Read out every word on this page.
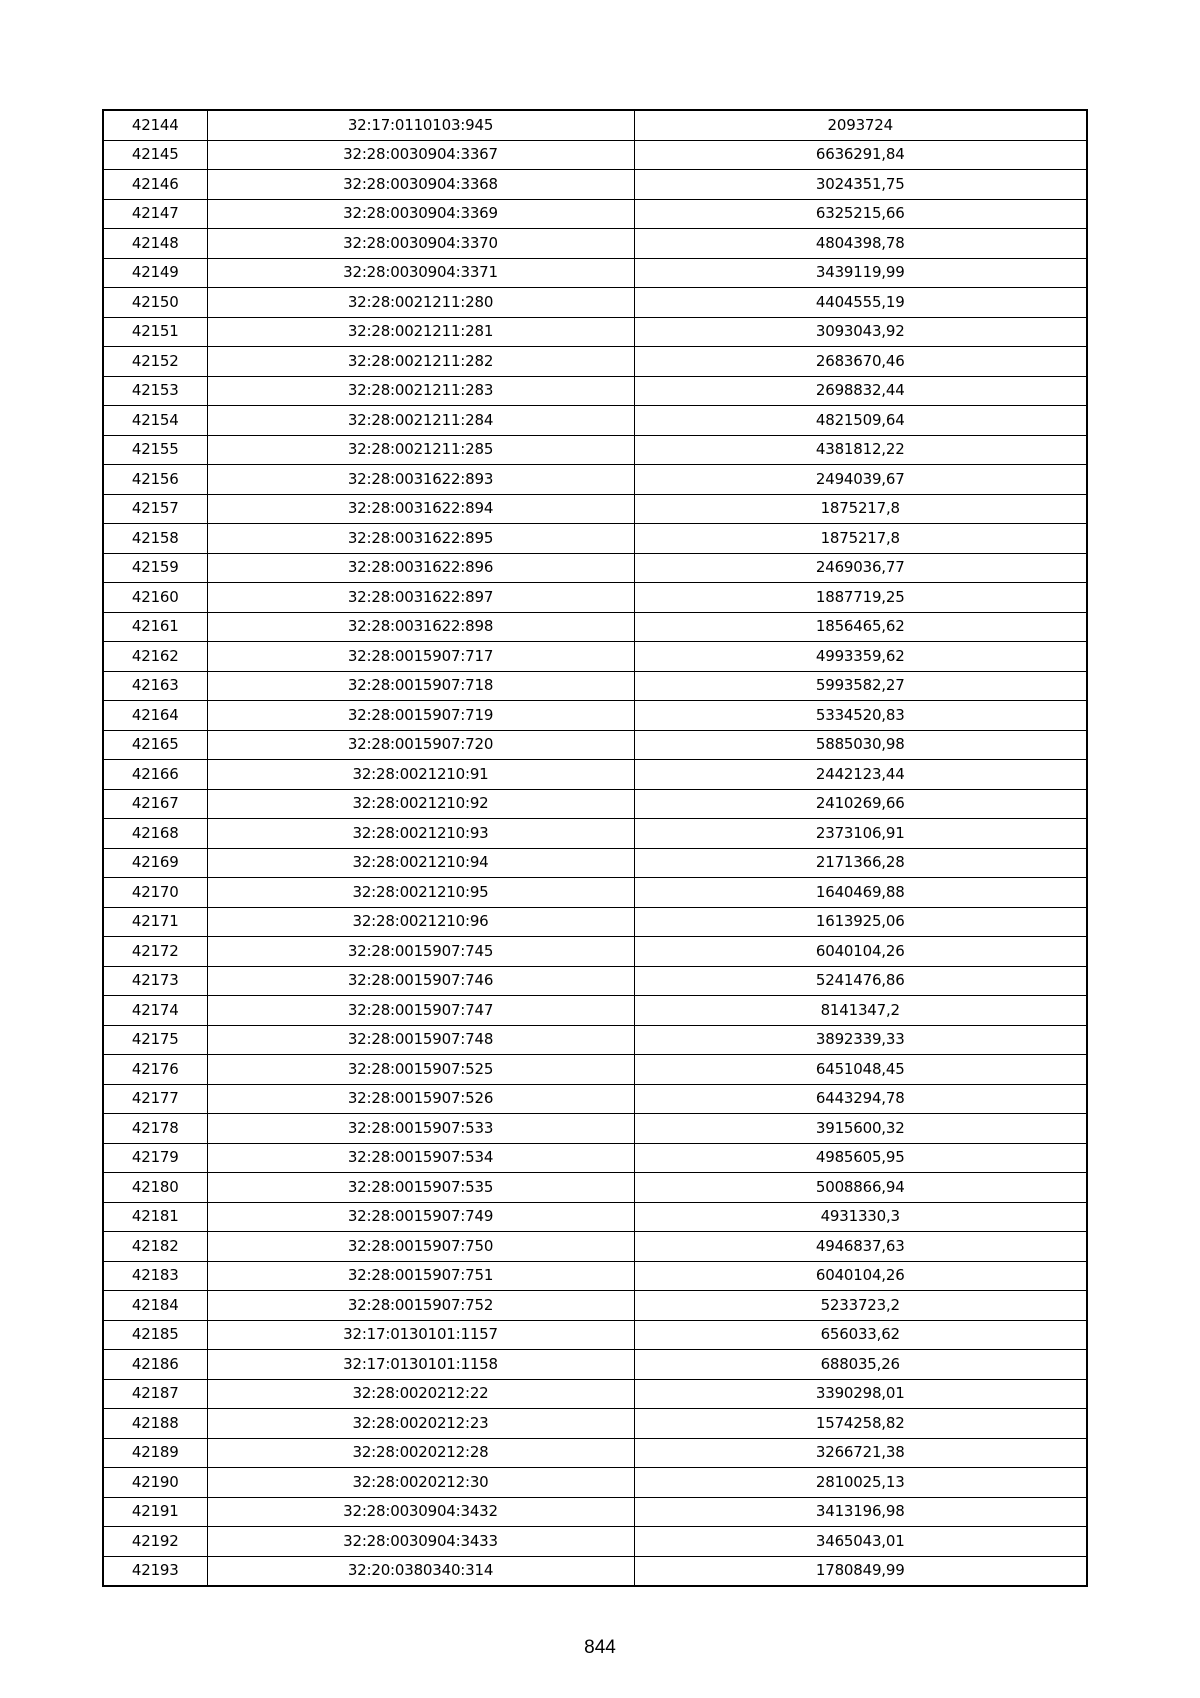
42144	32:17:0110103:945	2093724
42145	32:28:0030904:3367	6636291,84
42146	32:28:0030904:3368	3024351,75
42147	32:28:0030904:3369	6325215,66
42148	32:28:0030904:3370	4804398,78
42149	32:28:0030904:3371	3439119,99
42150	32:28:0021211:280	4404555,19
42151	32:28:0021211:281	3093043,92
42152	32:28:0021211:282	2683670,46
42153	32:28:0021211:283	2698832,44
42154	32:28:0021211:284	4821509,64
42155	32:28:0021211:285	4381812,22
42156	32:28:0031622:893	2494039,67
42157	32:28:0031622:894	1875217,8
42158	32:28:0031622:895	1875217,8
42159	32:28:0031622:896	2469036,77
42160	32:28:0031622:897	1887719,25
42161	32:28:0031622:898	1856465,62
42162	32:28:0015907:717	4993359,62
42163	32:28:0015907:718	5993582,27
42164	32:28:0015907:719	5334520,83
42165	32:28:0015907:720	5885030,98
42166	32:28:0021210:91	2442123,44
42167	32:28:0021210:92	2410269,66
42168	32:28:0021210:93	2373106,91
42169	32:28:0021210:94	2171366,28
42170	32:28:0021210:95	1640469,88
42171	32:28:0021210:96	1613925,06
42172	32:28:0015907:745	6040104,26
42173	32:28:0015907:746	5241476,86
42174	32:28:0015907:747	8141347,2
42175	32:28:0015907:748	3892339,33
42176	32:28:0015907:525	6451048,45
42177	32:28:0015907:526	6443294,78
42178	32:28:0015907:533	3915600,32
42179	32:28:0015907:534	4985605,95
42180	32:28:0015907:535	5008866,94
42181	32:28:0015907:749	4931330,3
42182	32:28:0015907:750	4946837,63
42183	32:28:0015907:751	6040104,26
42184	32:28:0015907:752	5233723,2
42185	32:17:0130101:1157	656033,62
42186	32:17:0130101:1158	688035,26
42187	32:28:0020212:22	3390298,01
42188	32:28:0020212:23	1574258,82
42189	32:28:0020212:28	3266721,38
42190	32:28:0020212:30	2810025,13
42191	32:28:0030904:3432	3413196,98
42192	32:28:0030904:3433	3465043,01
42193	32:20:0380340:314	1780849,99
844
